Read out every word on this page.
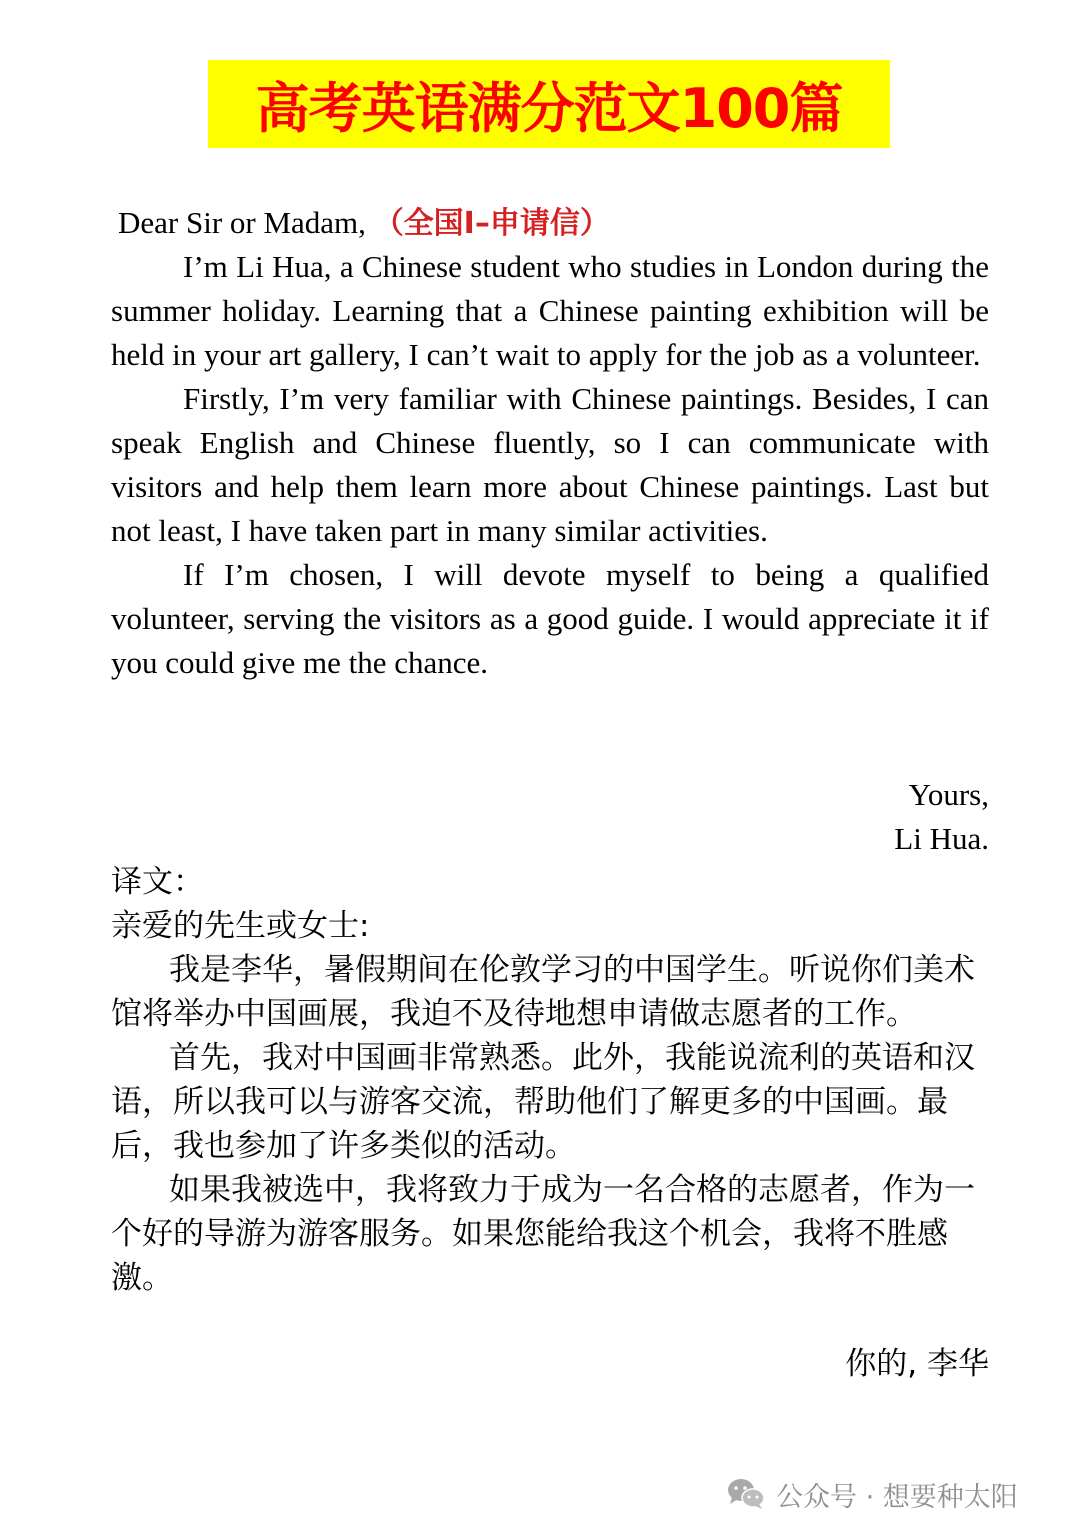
高考英语满分范文100篇
Dear Sir or Madam, （全国I–申请信）

I’m Li Hua, a Chinese student who studies in London during the summer holiday. Learning that a Chinese painting exhibition will be held in your art gallery, I can’t wait to apply for the job as a volunteer.

Firstly, I’m very familiar with Chinese paintings. Besides, I can speak English and Chinese fluently, so I can communicate with visitors and help them learn more about Chinese paintings. Last but not least, I have taken part in many similar activities.

If I’m chosen, I will devote myself to being a qualified volunteer, serving the visitors as a good guide. I would appreciate it if you could give me the chance.

Yours,
Li Hua.
译文：
亲爱的先生或女士:

我是李华，暑假期间在伦敦学习的中国学生。听说你们美术馆将举办中国画展，我迫不及待地想申请做志愿者的工作。

首先，我对中国画非常熟悉。此外，我能说流利的英语和汉语，所以我可以与游客交流，帮助他们了解更多的中国画。最后，我也参加了许多类似的活动。

如果我被选中，我将致力于成为一名合格的志愿者，作为一个好的导游为游客服务。如果您能给我这个机会，我将不胜感激。

你的, 李华
公众号 · 想要种太阳
